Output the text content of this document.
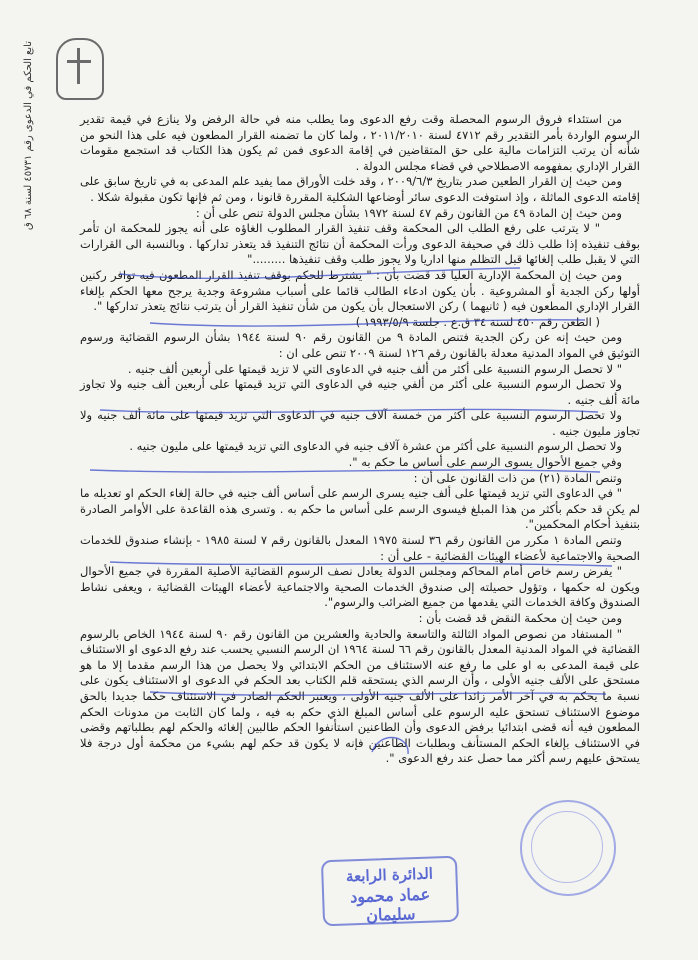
تابع الحكم في الدعوى رقم ٤٥٧٣١ لسنة ٦٨ ق	من استئداء فروق الرسوم المحصلة وقت رفع الدعوى وما يطلب منه في حالة الرفض ولا ينازع في قيمة تقدير الرسوم الواردة بأمر التقدير رقم ٤٧١٢ لسنة ٢٠١١/٢٠١٠ ، ولما كان ما تضمنه القرار المطعون فيه على هذا النحو من شأنه أن يرتب التزامات مالية على حق المتقاضين في إقامة الدعوى فمن ثم يكون هذا الكتاب قد استجمع مقومات القرار الإداري بمفهومه الاصطلاحي في قضاء مجلس الدولة .

ومن حيث إن القرار الطعين صدر بتاريخ ٢٠٠٩/٦/٣ ، وقد خلت الأوراق مما يفيد علم المدعى به في تاريخ سابق على إقامته الدعوى الماثلة ، وإذ استوفت الدعوى سائر أوضاعها الشكلية المقررة قانونا ، ومن ثم فإنها تكون مقبولة شكلا .

ومن حيث إن المادة ٤٩ من القانون رقم ٤٧ لسنة ١٩٧٢ بشأن مجلس الدولة تنص على أن :

" لا يترتب على رفع الطلب الى المحكمة وقف تنفيذ القرار المطلوب الغاؤه على أنه يجوز للمحكمة ان تأمر بوقف تنفيذه إذا طلب ذلك في صحيفة الدعوى ورأت المحكمة أن نتائج التنفيذ قد يتعذر تداركها . وبالنسبة الى القرارات التي لا يقبل طلب إلغائها قبل التظلم منها اداريا ولا يجوز طلب وقف تنفيذها ........."

ومن حيث إن المحكمة الإدارية العليا قد قضت بأن : " يشترط للحكم بوقف تنفيذ القرار المطعون فيه توافر ركنين أولها ركن الجدية أو المشروعية . بأن يكون ادعاء الطالب قائما على أسباب مشروعة وجدية يرجح معها الحكم بإلغاء القرار الإداري المطعون فيه ( ثانيهما ) ركن الاستعجال بأن يكون من شأن تنفيذ القرار أن يترتب نتائج يتعذر تداركها ".

( الطعن رقم ٤٥٠ لسنة ٣٤ ق.ع . جلسة ١٩٩٣/٥/٩ )

ومن حيث إنه عن ركن الجدية فتنص المادة ٩ من القانون رقم ٩٠ لسنة ١٩٤٤ بشأن الرسوم القضائية ورسوم التوثيق في المواد المدنية معدلة بالقانون رقم ١٢٦ لسنة ٢٠٠٩ تنص على ان :

" لا تحصل الرسوم النسبية على أكثر من ألف جنيه في الدعاوى التي لا تزيد قيمتها على أربعين ألف جنيه .

ولا تحصل الرسوم النسبية على أكثر من ألفي جنيه في الدعاوى التي تزيد قيمتها على أربعين ألف جنيه ولا تجاوز مائة ألف جنيه .

ولا تحصل الرسوم النسبية على أكثر من خمسة آلاف جنيه في الدعاوى التي تزيد قيمتها على مائة ألف جنيه ولا تجاوز مليون جنيه .

ولا تحصل الرسوم النسبية على أكثر من عشرة آلاف جنيه في الدعاوى التي تزيد قيمتها على مليون جنيه .

وفي جميع الأحوال يسوى الرسم على أساس ما حكم به ".

وتنص المادة (٢١) من ذات القانون على أن :

" في الدعاوى التي تزيد قيمتها على ألف جنيه يسرى الرسم على أساس ألف جنيه في حالة إلغاء الحكم او تعديله ما لم يكن قد حكم بأكثر من هذا المبلغ فيسوى الرسم على أساس ما حكم به . وتسرى هذه القاعدة على الأوامر الصادرة بتنفيذ أحكام المحكمين".

وتنص المادة ١ مكرر من القانون رقم ٣٦ لسنة ١٩٧٥ المعدل بالقانون رقم ٧ لسنة ١٩٨٥ - بإنشاء صندوق للخدمات الصحية والاجتماعية لأعضاء الهيئات القضائية - على أن :

" يفرض رسم خاص أمام المحاكم ومجلس الدولة يعادل نصف الرسوم القضائية الأصلية المقررة في جميع الأحوال ويكون له حكمها ، وتؤول حصيلته إلى صندوق الخدمات الصحية والاجتماعية لأعضاء الهيئات القضائية ، ويعفى نشاط الصندوق وكافة الخدمات التي يقدمها من جميع الضرائب والرسوم".

ومن حيث إن محكمة النقض قد قضت بأن :

" المستفاد من نصوص المواد الثالثة والتاسعة والحادية والعشرين من القانون رقم ٩٠ لسنة ١٩٤٤ الخاص بالرسوم القضائية في المواد المدنية المعدل بالقانون رقم ٦٦ لسنة ١٩٦٤ ان الرسم النسبي يحسب عند رفع الدعوى او الاستئناف على قيمة المدعى به او على ما رفع عنه الاستئناف من الحكم الابتدائي ولا يحصل من هذا الرسم مقدما إلا ما هو مستحق على الألف جنيه الأولى ، وأن الرسم الذي يستحقه قلم الكتاب بعد الحكم في الدعوى او الاستئناف يكون على نسبة ما يحكم به في آخر الأمر زائدا على الألف جنيه الأولى ، ويعتبر الحكم الصادر في الاستئناف حكما جديدا بالحق موضوع الاستئناف تستحق عليه الرسوم على أساس المبلغ الذي حكم به فيه ، ولما كان الثابت من مدونات الحكم المطعون فيه أنه قضى ابتدائيا برفض الدعوى وأن الطاعنين استأنفوا الحكم طالبين إلغائه والحكم لهم بطلباتهم وقضى في الاستئناف بإلغاء الحكم المستأنف وبطلبات الطاعنين فإنه لا يكون قد حكم لهم بشيء من محكمة أول درجة فلا يستحق عليهم رسم أكثر مما حصل عند رفع الدعوى ".

الدائرة الرابعة
عماد محمود سليمان
